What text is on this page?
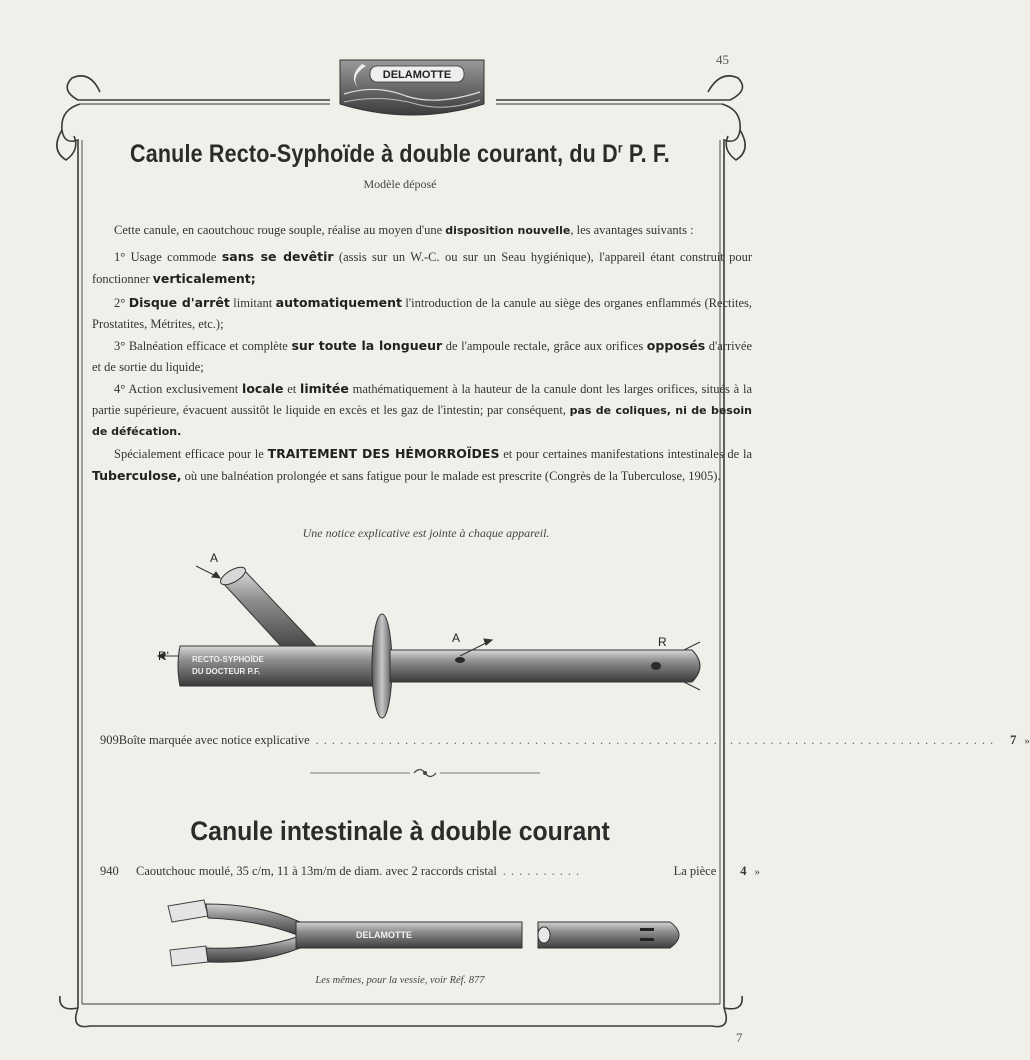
45
7
DELAMOTTE
Canule Recto-Syphoïde à double courant, du $D^r$ P. F.
Modèle déposé
Cette canule, en caoutchouc rouge souple, réalise au moyen d'une disposition nouvelle, les avantages suivants :
1° Usage commode sans se devêtir (assis sur un W.-C. ou sur un Seau hygiénique), l'appareil étant construit pour fonctionner verticalement;
2° Disque d'arrêt limitant automatiquement l'introduction de la canule au siège des organes enflammés (Rectites, Prostatites, Métrites, etc.);
3° Balnéation efficace et complète sur toute la longueur de l'ampoule rectale, grâce aux orifices opposés d'arrivée et de sortie du liquide;
4° Action exclusivement locale et limitée mathématiquement à la hauteur de la canule dont les larges orifices, situés à la partie supérieure, évacuent aussitôt le liquide en excès et les gaz de l'intestin; par conséquent, pas de coliques, ni de besoin de défécation.
Spécialement efficace pour le TRAITEMENT DES HÉMORROÏDES et pour certaines manifestations intestinales de la Tuberculose, où une balnéation prolongée et sans fatigue pour le malade est prescrite (Congrès de la Tuberculose, 1905).
Une notice explicative est jointe à chaque appareil.
RECTO-SYPHOÏDE
DU DOCTEUR P.F.
A
A
R'
R
909 Boîte marquée avec notice explicative .................................................................................... 7 »
Canule intestinale à double courant
940	Caoutchouc moulé, 35 c/m, 11 à 13m/m de diam. avec 2 raccords cristal ..........	La pièce 4 »
DELAMOTTE
Les mêmes, pour la vessie, voir Réf. 877
